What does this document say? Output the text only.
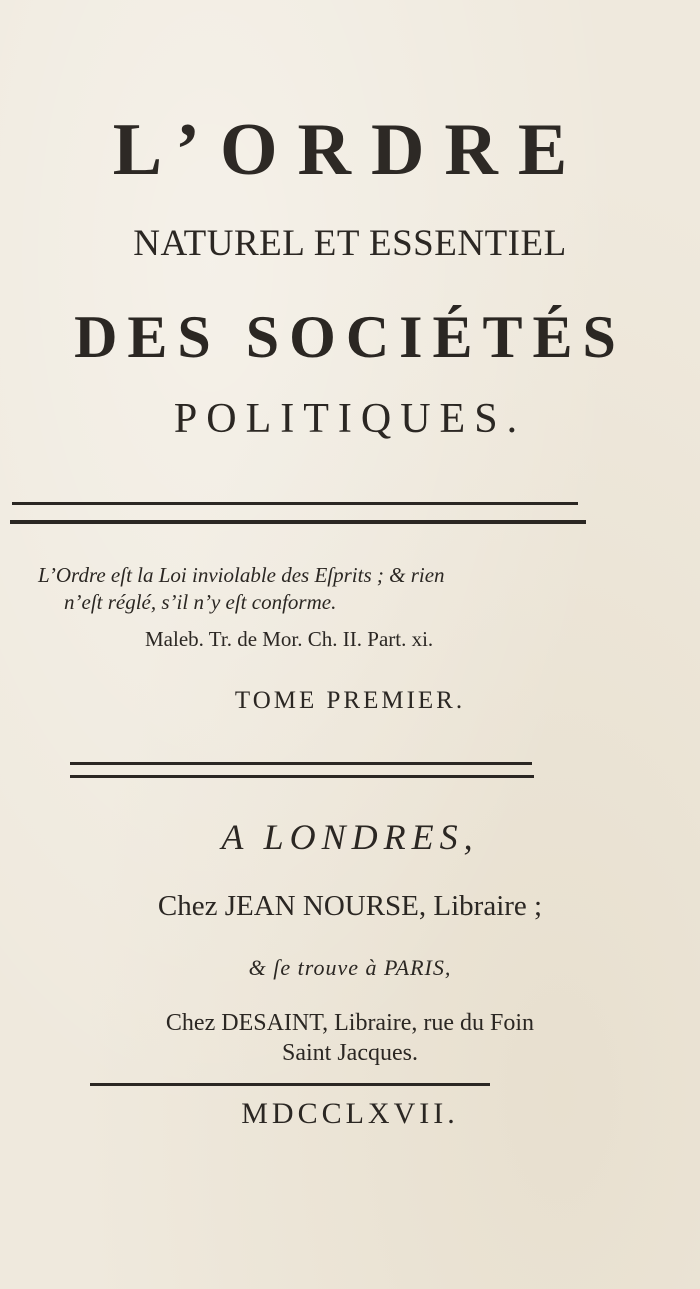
L’ORDRE
NATUREL ET ESSENTIEL
DES SOCIÉTÉS
POLITIQUES.
L’Ordre eſt la Loi inviolable des Eſprits ; & rien
n’eſt réglé, s’il n’y eſt conforme.
Maleb. Tr. de Mor. Ch. II. Part. xi.
TOME PREMIER.
A LONDRES,
Chez JEAN NOURSE, Libraire ;
& ſe trouve à PARIS,
Chez DESAINT, Libraire, rue du Foin
Saint Jacques.
MDCCLXVII.
